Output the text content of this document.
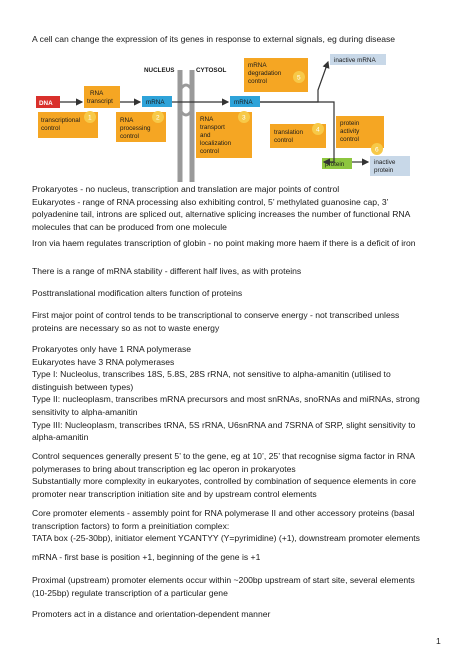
A cell can change the expression of its genes in response to external signals, eg during disease
NUCLEUS	CYTOSOL
DNA
RNA
transcript	mRNA	mRNA
inactive mRNA
mRNA
degradation
control	5
transcriptional
control
1	RNA
processing
control
2	RNA
transport
and
localization
control
3
translation
control
4
protein
activity
control
6
protein	inactive
protein
Prokaryotes - no nucleus, transcription and translation are major points of control
Eukaryotes - range of RNA processing also exhibiting control, 5’ methylated guanosine cap, 3’
polyadenine tail, introns are spliced out, alternative splicing increases the number of functional RNA
molecules that can be produced from one molecule
Iron via haem regulates transcription of globin - no point making more haem if there is a deficit of iron
There is a range of mRNA stability - different half lives, as with proteins
Posttranslational modification alters function of proteins
First major point of control tends to be transcriptional to conserve energy - not transcribed unless
proteins are necessary so as not to waste energy
Prokaryotes only have 1 RNA polymerase
Eukaryotes have 3 RNA polymerases
Type I: Nucleolus, transcribes 18S, 5.8S, 28S rRNA, not sensitive to alpha-amanitin (utilised to
distinguish between types)
Type II: nucleoplasm, transcribes mRNA precursors and most snRNAs, snoRNAs and miRNAs, strong
sensitivity to alpha-amanitin
Type III: Nucleoplasm, transcribes tRNA, 5S rRNA, U6snRNA and 7SRNA of SRP, slight sensitivity to
alpha-amanitin
Control sequences generally present 5’ to the gene, eg at 10’, 25’ that recognise sigma factor in RNA
polymerases to bring about transcription eg lac operon in prokaryotes
Substantially more complexity in eukaryotes, controlled by combination of sequence elements in core
promoter near transcription initiation site and by upstream control elements
Core promoter elements - assembly point for RNA polymerase II and other accessory proteins (basal
transcription factors) to form a preinitiation complex:
TATA box (-25-30bp), initiator element YCANTYY (Y=pyrimidine) (+1), downstream promoter elements
mRNA - first base is position +1, beginning of the gene is +1
Proximal (upstream) promoter elements occur within ~200bp upstream of start site, several elements
(10-25bp) regulate transcription of a particular gene
Promoters act in a distance and orientation-dependent manner
1
